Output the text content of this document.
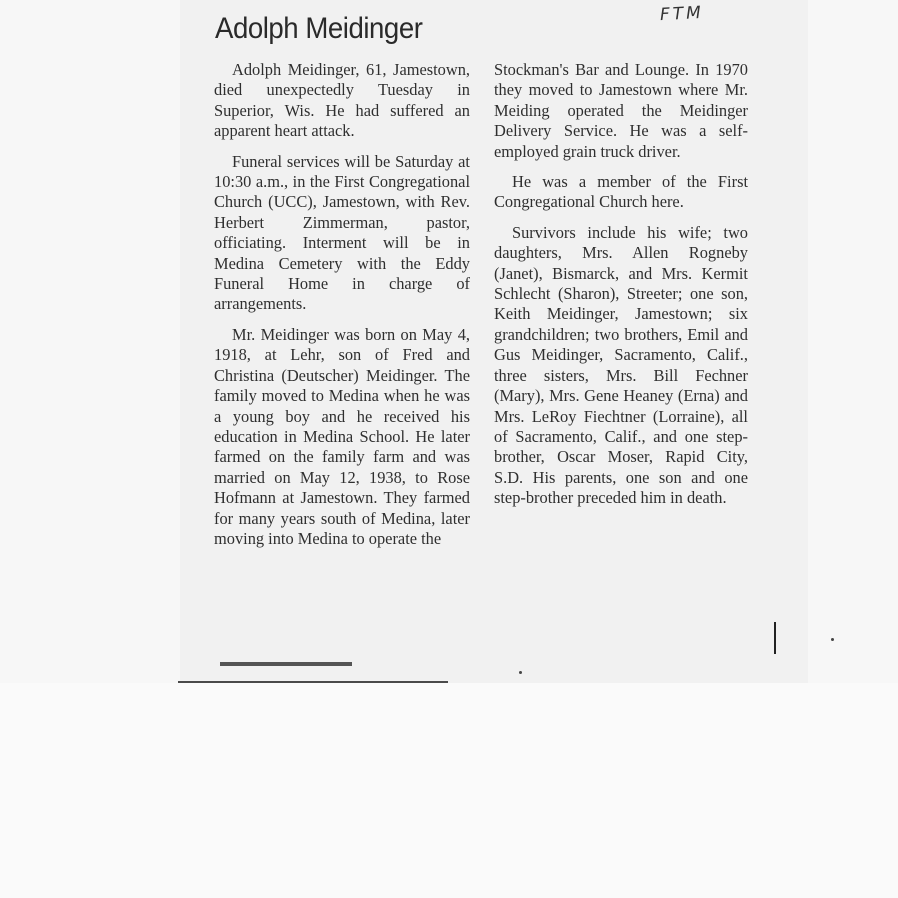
FTM
Adolph Meidinger

Adolph Meidinger, 61, Jamestown, died unexpectedly Tuesday in Superior, Wis. He had suffered an apparent heart attack.

Funeral services will be Saturday at 10:30 a.m., in the First Congregational Church (UCC), Jamestown, with Rev. Herbert Zimmerman, pastor, officiating. Interment will be in Medina Cemetery with the Eddy Funeral Home in charge of arrangements.

Mr. Meidinger was born on May 4, 1918, at Lehr, son of Fred and Christina (Deutscher) Meidinger. The family moved to Medina when he was a young boy and he received his education in Medina School. He later farmed on the family farm and was married on May 12, 1938, to Rose Hofmann at Jamestown. They farmed for many years south of Medina, later moving into Medina to operate the

Stockman's Bar and Lounge. In 1970 they moved to Jamestown where Mr. Meiding operated the Meidinger Delivery Service. He was a self-employed grain truck driver.

He was a member of the First Congregational Church here.

Survivors include his wife; two daughters, Mrs. Allen Rogneby (Janet), Bismarck, and Mrs. Kermit Schlecht (Sharon), Streeter; one son, Keith Meidinger, Jamestown; six grandchildren; two brothers, Emil and Gus Meidinger, Sacramento, Calif., three sisters, Mrs. Bill Fechner (Mary), Mrs. Gene Heaney (Erna) and Mrs. LeRoy Fiechtner (Lorraine), all of Sacramento, Calif., and one step-brother, Oscar Moser, Rapid City, S.D. His parents, one son and one step-brother preceded him in death.
